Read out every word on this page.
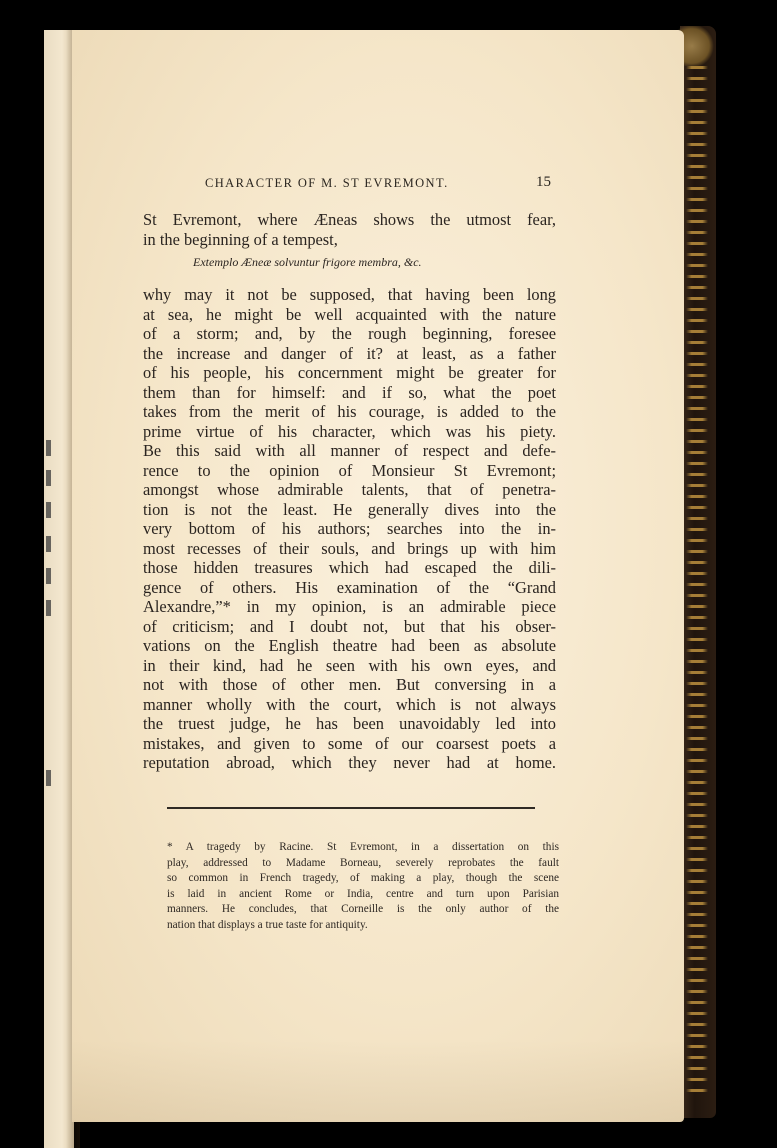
CHARACTER OF M. ST EVREMONT.	15
St Evremont, where Æneas shows the utmost fear,
in the beginning of a tempest,
Extemplo Æneæ solvuntur frigore membra, &c.
why may it not be supposed, that having been long
at sea, he might be well acquainted with the nature
of a storm; and, by the rough beginning, foresee
the increase and danger of it? at least, as a father
of his people, his concernment might be greater for
them than for himself: and if so, what the poet
takes from the merit of his courage, is added to the
prime virtue of his character, which was his piety.
Be this said with all manner of respect and defe-
rence to the opinion of Monsieur St Evremont;
amongst whose admirable talents, that of penetra-
tion is not the least. He generally dives into the
very bottom of his authors; searches into the in-
most recesses of their souls, and brings up with him
those hidden treasures which had escaped the dili-
gence of others. His examination of the “Grand
Alexandre,”* in my opinion, is an admirable piece
of criticism; and I doubt not, but that his obser-
vations on the English theatre had been as absolute
in their kind, had he seen with his own eyes, and
not with those of other men. But conversing in a
manner wholly with the court, which is not always
the truest judge, he has been unavoidably led into
mistakes, and given to some of our coarsest poets a
reputation abroad, which they never had at home.
* A tragedy by Racine. St Evremont, in a dissertation on this
play, addressed to Madame Borneau, severely reprobates the fault
so common in French tragedy, of making a play, though the scene
is laid in ancient Rome or India, centre and turn upon Parisian
manners. He concludes, that Corneille is the only author of the
nation that displays a true taste for antiquity.
